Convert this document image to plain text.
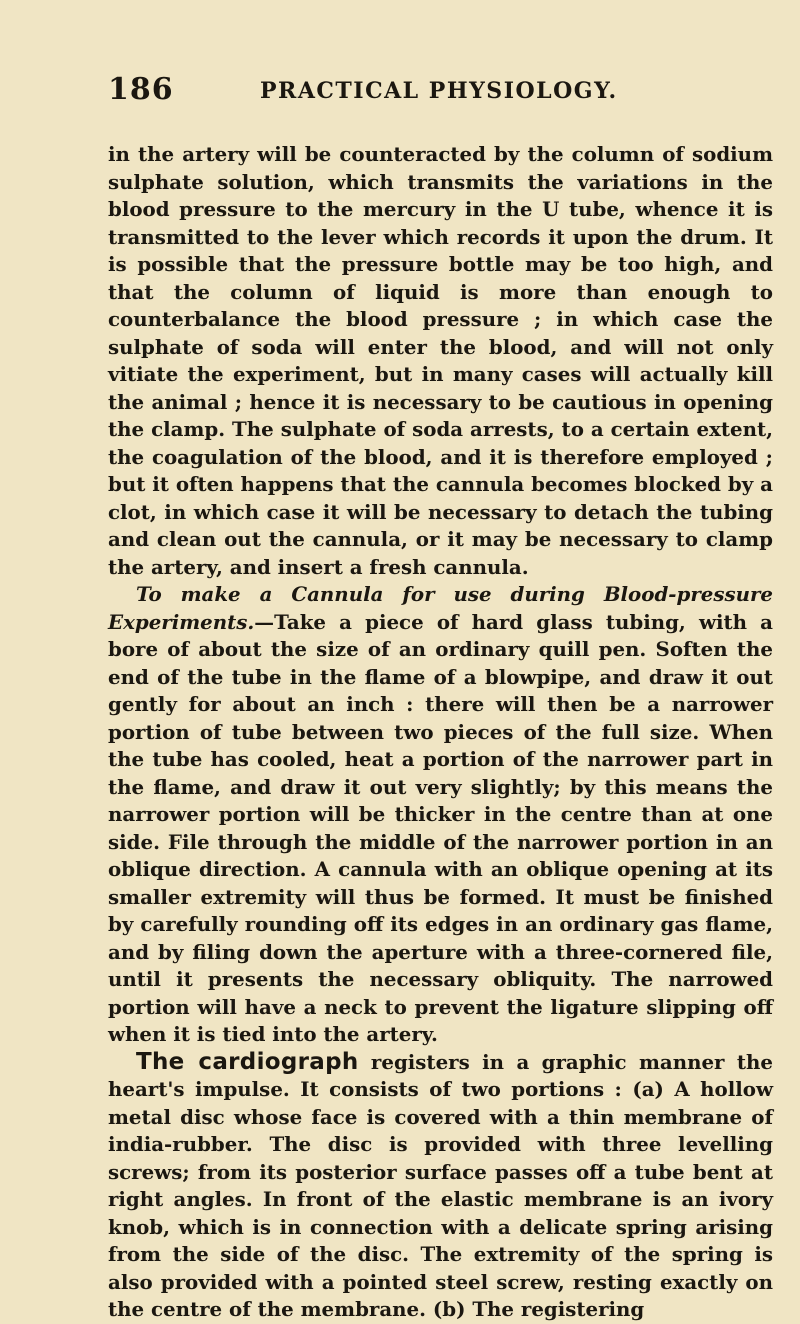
186	PRACTICAL PHYSIOLOGY.

in the artery will be counteracted by the column of sodium sulphate solution, which transmits the variations in the blood pressure to the mercury in the U tube, whence it is transmitted to the lever which records it upon the drum. It is possible that the pressure bottle may be too high, and that the column of liquid is more than enough to counterbalance the blood pressure ; in which case the sulphate of soda will enter the blood, and will not only vitiate the experiment, but in many cases will actually kill the animal ; hence it is necessary to be cautious in opening the clamp. The sulphate of soda arrests, to a certain extent, the coagulation of the blood, and it is therefore employed ; but it often happens that the cannula becomes blocked by a clot, in which case it will be necessary to detach the tubing and clean out the cannula, or it may be necessary to clamp the artery, and insert a fresh cannula.

To make a Cannula for use during Blood-pressure Experiments.—Take a piece of hard glass tubing, with a bore of about the size of an ordinary quill pen. Soften the end of the tube in the flame of a blowpipe, and draw it out gently for about an inch : there will then be a narrower portion of tube between two pieces of the full size. When the tube has cooled, heat a portion of the narrower part in the flame, and draw it out very slightly; by this means the narrower portion will be thicker in the centre than at one side. File through the middle of the narrower portion in an oblique direction. A cannula with an oblique opening at its smaller extremity will thus be formed. It must be finished by carefully rounding off its edges in an ordinary gas flame, and by filing down the aperture with a three-cornered file, until it presents the necessary obliquity. The narrowed portion will have a neck to prevent the ligature slipping off when it is tied into the artery.

The cardiograph registers in a graphic manner the heart's impulse. It consists of two portions : (a) A hollow metal disc whose face is covered with a thin membrane of india-rubber. The disc is provided with three levelling screws; from its posterior surface passes off a tube bent at right angles. In front of the elastic membrane is an ivory knob, which is in connection with a delicate spring arising from the side of the disc. The extremity of the spring is also provided with a pointed steel screw, resting exactly on the centre of the membrane. (b) The registering
